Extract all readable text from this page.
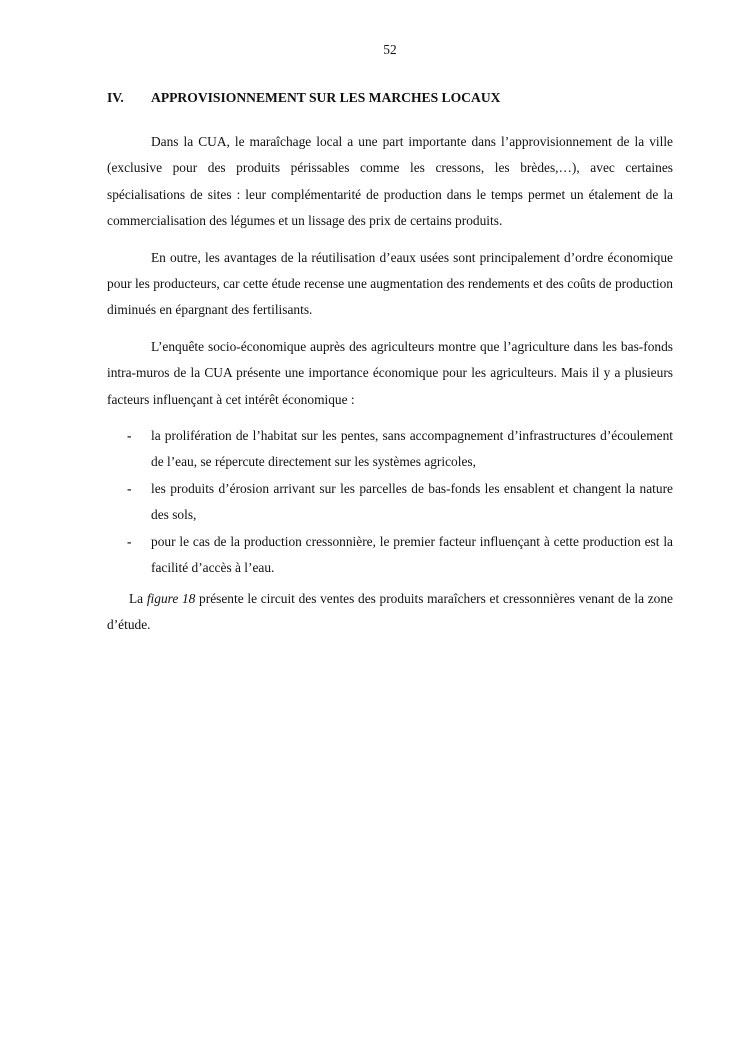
52
IV. APPROVISIONNEMENT SUR LES MARCHES LOCAUX

Dans la CUA, le maraîchage local a une part importante dans l’approvisionnement de la ville (exclusive pour des produits périssables comme les cressons, les brèdes,…), avec certaines spécialisations de sites : leur complémentarité de production dans le temps permet un étalement de la commercialisation des légumes et un lissage des prix de certains produits.

En outre, les avantages de la réutilisation d’eaux usées sont principalement d’ordre économique pour les producteurs, car cette étude recense une augmentation des rendements et des coûts de production diminués en épargnant des fertilisants.

L’enquête socio-économique auprès des agriculteurs montre que l’agriculture dans les bas-fonds intra-muros de la CUA présente une importance économique pour les agriculteurs. Mais il y a plusieurs facteurs influençant à cet intérêt économique :

- la prolifération de l’habitat sur les pentes, sans accompagnement d’infrastructures d’écoulement de l’eau, se répercute directement sur les systèmes agricoles,
- les produits d’érosion arrivant sur les parcelles de bas-fonds les ensablent et changent la nature des sols,
- pour le cas de la production cressonnière, le premier facteur influençant à cette production est la facilité d’accès à l’eau.

La figure 18 présente le circuit des ventes des produits maraîchers et cressonnières venant de la zone d’étude.
